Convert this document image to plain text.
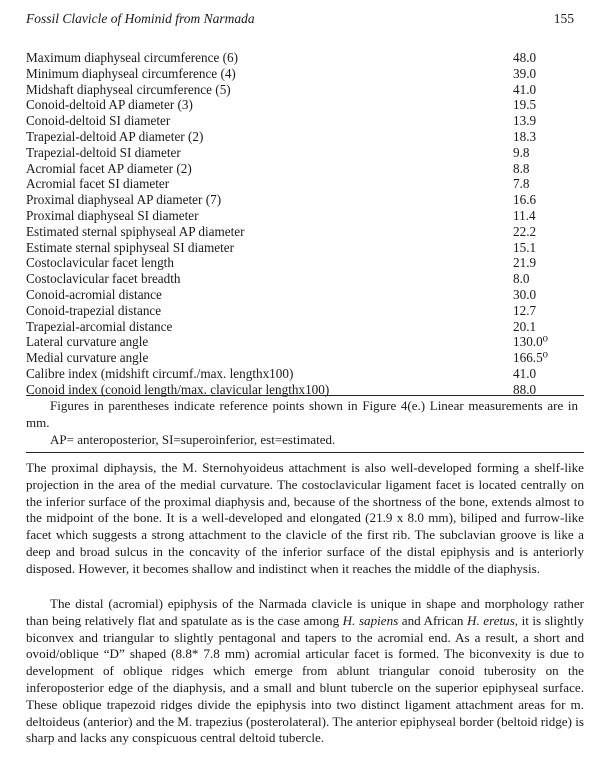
Fossil Clavicle of Hominid from Narmada	155
Maximum diaphyseal circumference (6)	48.0
Minimum diaphyseal circumference (4)	39.0
Midshaft diaphyseal circumference (5)	41.0
Conoid-deltoid AP diameter (3)	19.5
Conoid-deltoid SI diameter	13.9
Trapezial-deltoid AP diameter (2)	18.3
Trapezial-deltoid SI diameter	9.8
Acromial facet AP diameter (2)	8.8
Acromial facet SI diameter	7.8
Proximal diaphyseal AP diameter (7)	16.6
Proximal diaphyseal SI diameter	11.4
Estimated sternal spiphyseal AP diameter	22.2
Estimate sternal spiphyseal SI diameter	15.1
Costoclavicular facet length	21.9
Costoclavicular facet breadth	8.0
Conoid-acromial distance	30.0
Conoid-trapezial distance	12.7
Trapezial-arcomial distance	20.1
Lateral curvature angle	130.0⁰
Medial curvature angle	166.5⁰
Calibre index (midshift circumf./max. lengthx100)	41.0
Conoid index (conoid length/max. clavicular lengthx100)	88.0

Figures in parentheses indicate reference points shown in Figure 4(e.) Linear measurements are in mm.

AP= anteroposterior, SI=superoinferior, est=estimated.

The proximal diphaysis, the M. Sternohyoideus attachment is also well-developed forming a shelf-like projection in the area of the medial curvature. The costoclavicular ligament facet is located centrally on the inferior surface of the proximal diaphysis and, because of the shortness of the bone, extends almost to the midpoint of the bone. It is a well-developed and elongated (21.9 x 8.0 mm), biliped and furrow-like facet which suggests a strong attachment to the clavicle of the first rib. The subclavian groove is like a deep and broad sulcus in the concavity of the inferior surface of the distal epiphysis and is anteriorly disposed. However, it becomes shallow and indistinct when it reaches the middle of the diaphysis.

The distal (acromial) epiphysis of the Narmada clavicle is unique in shape and morphology rather than being relatively flat and spatulate as is the case among H. sapiens and African H. eretus, it is slightly biconvex and triangular to slightly pentagonal and tapers to the acromial end. As a result, a short and ovoid/oblique “D” shaped (8.8* 7.8 mm) acromial articular facet is formed. The biconvexity is due to development of oblique ridges which emerge from ablunt triangular conoid tuberosity on the inferoposterior edge of the diaphysis, and a small and blunt tubercle on the superior epiphyseal surface. These oblique trapezoid ridges divide the epiphysis into two distinct ligament attachment areas for m. deltoideus (anterior) and the M. trapezius (posterolateral). The anterior epiphyseal border (beltoid ridge) is sharp and lacks any conspicuous central deltoid tubercle.
